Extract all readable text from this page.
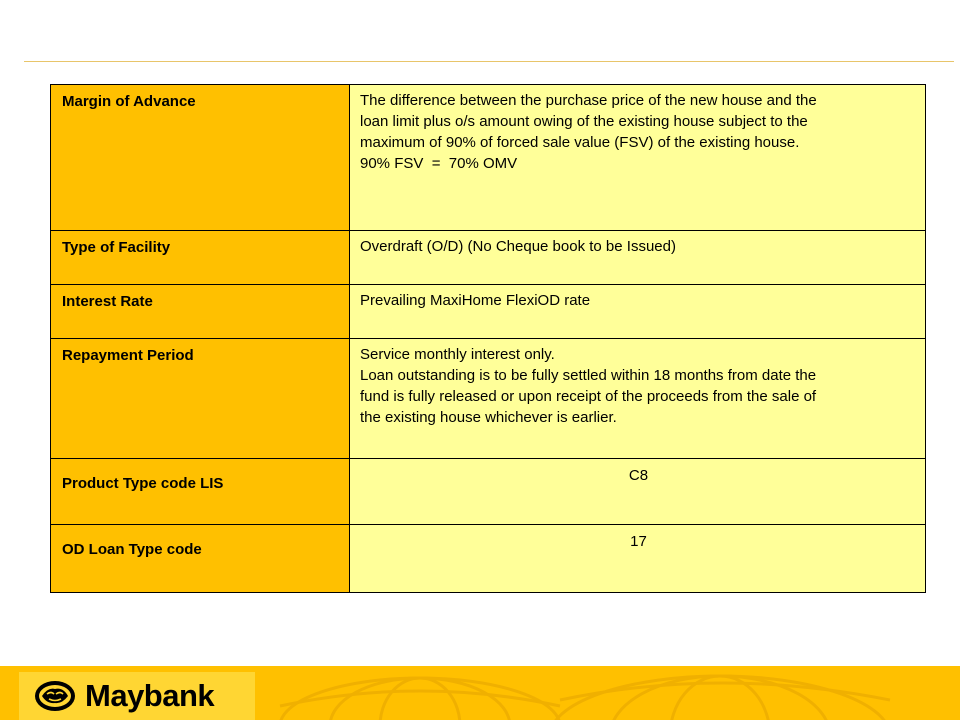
Margin of Advance	The difference between the purchase price of the new house and the
loan limit plus o/s amount owing of the existing house subject to the
maximum of 90% of forced sale value (FSV) of the existing house.
90% FSV  =  70% OMV

Type of Facility	Overdraft (O/D) (No Cheque book to be Issued)
Interest Rate	Prevailing MaxiHome FlexiOD rate
Repayment Period	Service monthly interest only.
Loan outstanding is to be fully settled within 18 months from date the
fund is fully released or upon receipt of the proceeds from the sale of
the existing house whichever is earlier.

Product Type code LIS	C8
OD Loan Type code	17
Maybank
